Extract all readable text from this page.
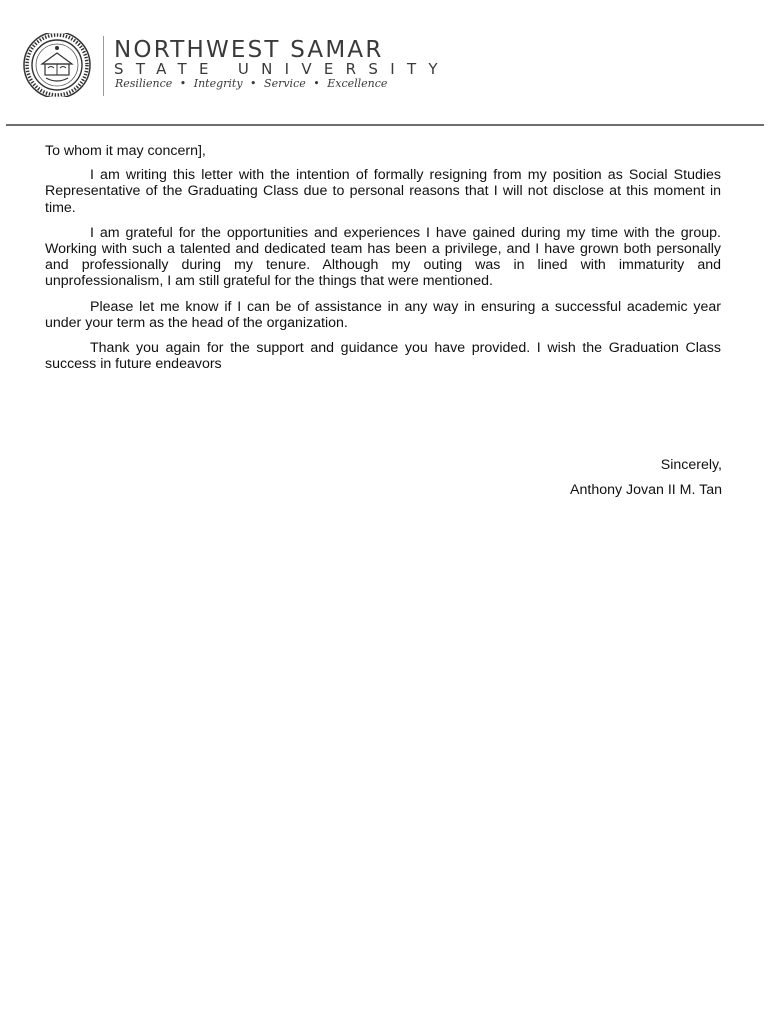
NORTHWEST SAMAR
STATE UNIVERSITY
Resilience • Integrity • Service • Excellence

To whom it may concern],

I am writing this letter with the intention of formally resigning from my position as Social Studies Representative of the Graduating Class due to personal reasons that I will not disclose at this moment in time.

I am grateful for the opportunities and experiences I have gained during my time with the group. Working with such a talented and dedicated team has been a privilege, and I have grown both personally and professionally during my tenure. Although my outing was in lined with immaturity and unprofessionalism, I am still grateful for the things that were mentioned.

Please let me know if I can be of assistance in any way in ensuring a successful academic year under your term as the head of the organization.

Thank you again for the support and guidance you have provided. I wish the Graduation Class success in future endeavors

Sincerely,
Anthony Jovan II M. Tan
